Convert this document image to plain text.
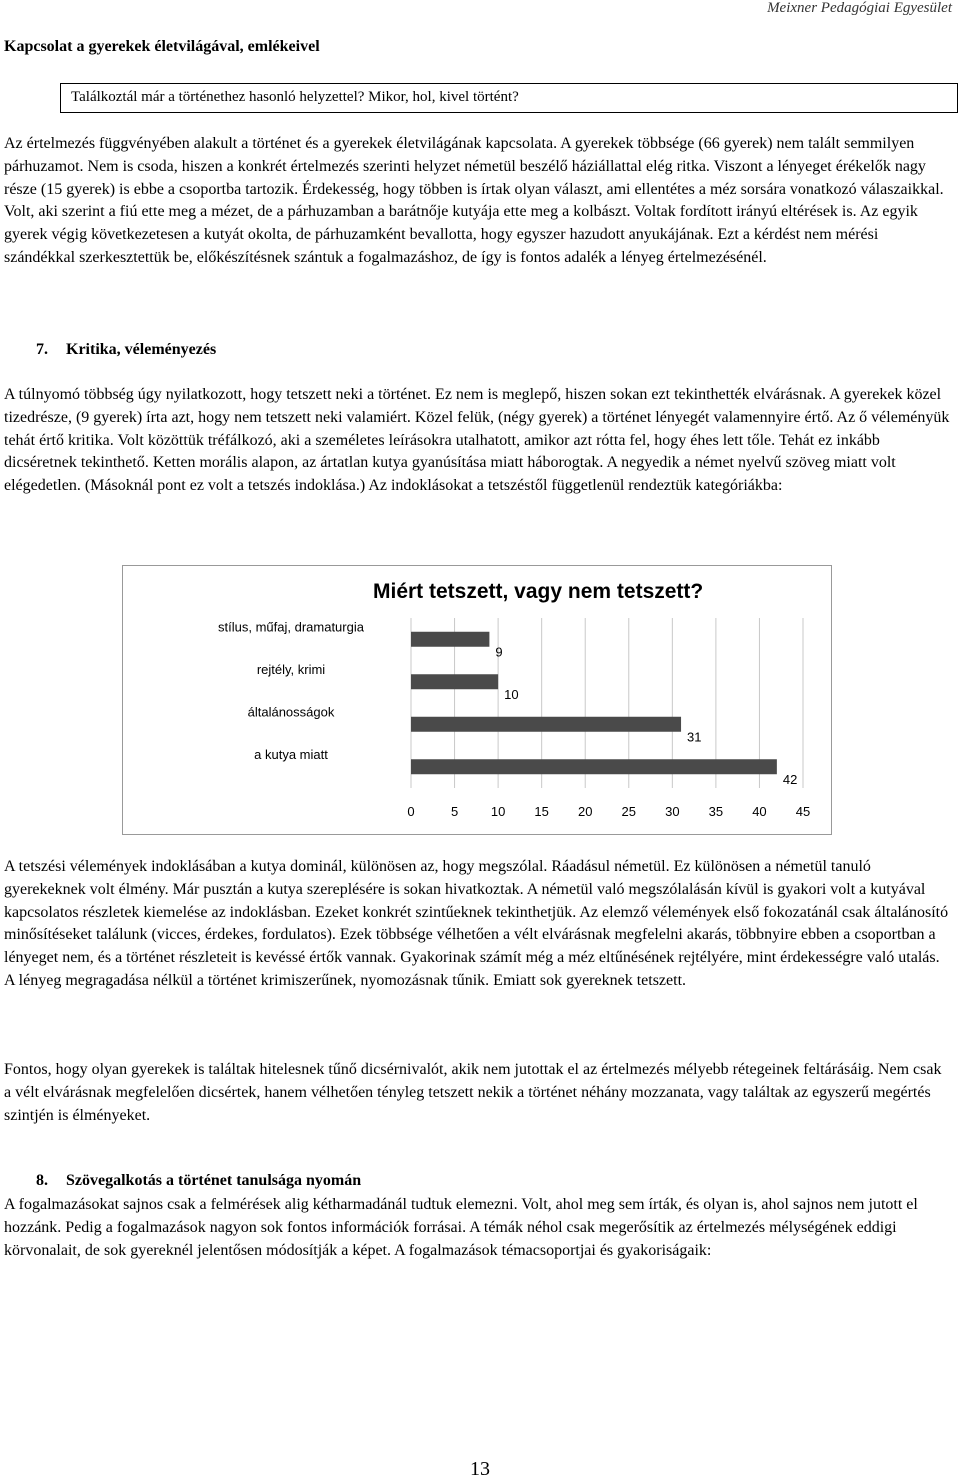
Meixner Pedagógiai Egyesület
Kapcsolat a gyerekek életvilágával, emlékeivel
Találkoztál már a történethez hasonló helyzettel? Mikor, hol, kivel történt?

Az értelmezés függvényében alakult a történet és a gyerekek életvilágának kapcsolata. A gyerekek többsége (66 gyerek) nem talált semmilyen párhuzamot. Nem is csoda, hiszen a konkrét értelmezés szerinti helyzet németül beszélő háziállattal elég ritka. Viszont a lényeget érékelők nagy része (15 gyerek) is ebbe a csoportba tartozik. Érdekesség, hogy többen is írtak olyan választ, ami ellentétes a méz sorsára vonatkozó válaszaikkal. Volt, aki szerint a fiú ette meg a mézet, de a párhuzamban a barátnője kutyája ette meg a kolbászt. Voltak fordított irányú eltérések is. Az egyik gyerek végig következetesen a kutyát okolta, de párhuzamként bevallotta, hogy egyszer hazudott anyukájának. Ezt a kérdést nem mérési szándékkal szerkesztettük be, előkészítésnek szántuk a fogalmazáshoz, de így is fontos adalék a lényeg értelmezésénél.

7. Kritika, véleményezés

A túlnyomó többség úgy nyilatkozott, hogy tetszett neki a történet. Ez nem is meglepő, hiszen sokan ezt tekinthették elvárásnak. A gyerekek közel tizedrésze, (9 gyerek) írta azt, hogy nem tetszett neki valamiért. Közel felük, (négy gyerek) a történet lényegét valamennyire értő. Az ő véleményük tehát értő kritika. Volt közöttük tréfálkozó, aki a személetes leírásokra utalhatott, amikor azt rótta fel, hogy éhes lett tőle. Tehát ez inkább dicséretnek tekinthető. Ketten morális alapon, az ártatlan kutya gyanúsítása miatt háborogtak. A negyedik a német nyelvű szöveg miatt volt elégedetlen. (Másoknál pont ez volt a tetszés indoklása.) Az indoklásokat a tetszéstől függetlenül rendeztük kategóriákba:

Miért tetszett, vagy nem tetszett?
9
10
31
42
stílus, műfaj, dramaturgia
rejtély, krimi
általánosságok
a kutya miatt
0	5	10 15 20 25 30 35 40 45

A tetszési vélemények indoklásában a kutya dominál, különösen az, hogy megszólal. Ráadásul németül. Ez különösen a németül tanuló gyerekeknek volt élmény. Már pusztán a kutya szereplésére is sokan hivatkoztak. A németül való megszólalásán kívül is gyakori volt a kutyával kapcsolatos részletek kiemelése az indoklásban. Ezeket konkrét szintűeknek tekinthetjük. Az elemző vélemények első fokozatánál csak általánosító minősítéseket találunk (vicces, érdekes, fordulatos). Ezek többsége vélhetően a vélt elvárásnak megfelelni akarás, többnyire ebben a csoportban a lényeget nem, és a történet részleteit is kevéssé értők vannak. Gyakorinak számít még a méz eltűnésének rejtélyére, mint érdekességre való utalás. A lényeg megragadása nélkül a történet krimiszerűnek, nyomozásnak tűnik. Emiatt sok gyereknek tetszett.

Fontos, hogy olyan gyerekek is találtak hitelesnek tűnő dicsérnivalót, akik nem jutottak el az értelmezés mélyebb rétegeinek feltárásáig. Nem csak a vélt elvárásnak megfelelően dicsértek, hanem vélhetően tényleg tetszett nekik a történet néhány mozzanata, vagy találtak az egyszerű megértés szintjén is élményeket.

8. Szövegalkotás a történet tanulsága nyomán

A fogalmazásokat sajnos csak a felmérések alig kétharmadánál tudtuk elemezni. Volt, ahol meg sem írták, és olyan is, ahol sajnos nem jutott el hozzánk. Pedig a fogalmazások nagyon sok fontos információk forrásai. A témák néhol csak megerősítik az értelmezés mélységének eddigi körvonalait, de sok gyereknél jelentősen módosítják a képet. A fogalmazások témacsoportjai és gyakoriságaik:

13
